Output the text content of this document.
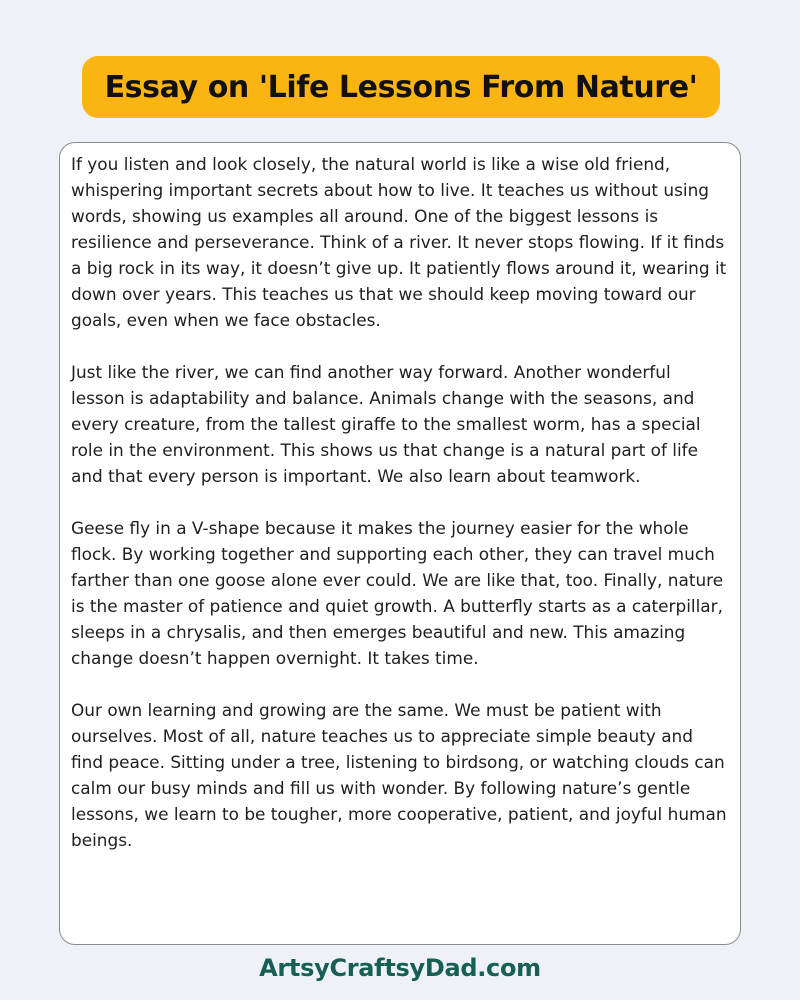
Essay on 'Life Lessons From Nature'

If you listen and look closely, the natural world is like a wise old friend, whispering important secrets about how to live. It teaches us without using words, showing us examples all around. One of the biggest lessons is resilience and perseverance. Think of a river. It never stops flowing. If it finds a big rock in its way, it doesn’t give up. It patiently flows around it, wearing it down over years. This teaches us that we should keep moving toward our goals, even when we face obstacles.

Just like the river, we can find another way forward. Another wonderful lesson is adaptability and balance. Animals change with the seasons, and every creature, from the tallest giraffe to the smallest worm, has a special role in the environment. This shows us that change is a natural part of life and that every person is important. We also learn about teamwork.

Geese fly in a V-shape because it makes the journey easier for the whole flock. By working together and supporting each other, they can travel much farther than one goose alone ever could. We are like that, too. Finally, nature is the master of patience and quiet growth. A butterfly starts as a caterpillar, sleeps in a chrysalis, and then emerges beautiful and new. This amazing change doesn’t happen overnight. It takes time.

Our own learning and growing are the same. We must be patient with ourselves. Most of all, nature teaches us to appreciate simple beauty and find peace. Sitting under a tree, listening to birdsong, or watching clouds can calm our busy minds and fill us with wonder. By following nature’s gentle lessons, we learn to be tougher, more cooperative, patient, and joyful human beings.

ArtsyCraftsyDad.com
